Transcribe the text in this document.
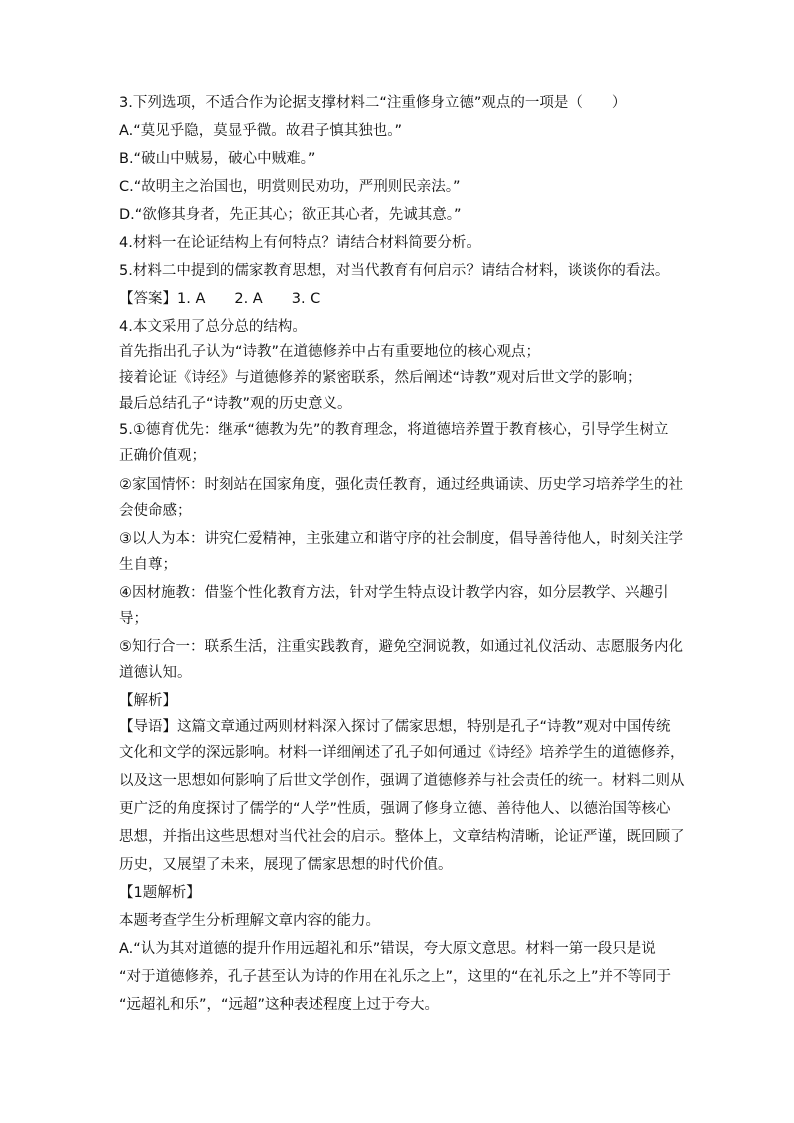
3.下列选项，不适合作为论据支撑材料二“注重修身立德”观点的一项是（　　）
A.“莫见乎隐，莫显乎微。故君子慎其独也。”
B.“破山中贼易，破心中贼难。”
C.“故明主之治国也，明赏则民劝功，严刑则民亲法。”
D.“欲修其身者，先正其心；欲正其心者，先诚其意。”
4.材料一在论证结构上有何特点？请结合材料简要分析。
5.材料二中提到的儒家教育思想，对当代教育有何启示？请结合材料，谈谈你的看法。
【答案】1. A　　2. A　　3. C
4.本文采用了总分总的结构。
首先指出孔子认为“诗教”在道德修养中占有重要地位的核心观点；
接着论证《诗经》与道德修养的紧密联系，然后阐述“诗教”观对后世文学的影响；
最后总结孔子“诗教”观的历史意义。
5.①德育优先：继承“德教为先”的教育理念，将道德培养置于教育核心，引导学生树立
正确价值观；
②家国情怀：时刻站在国家角度，强化责任教育，通过经典诵读、历史学习培养学生的社
会使命感；
③以人为本：讲究仁爱精神，主张建立和谐守序的社会制度，倡导善待他人，时刻关注学
生自尊；
④因材施教：借鉴个性化教育方法，针对学生特点设计教学内容，如分层教学、兴趣引
导；
⑤知行合一：联系生活，注重实践教育，避免空洞说教，如通过礼仪活动、志愿服务内化
道德认知。
【解析】
【导语】这篇文章通过两则材料深入探讨了儒家思想，特别是孔子“诗教”观对中国传统
文化和文学的深远影响。材料一详细阐述了孔子如何通过《诗经》培养学生的道德修养，
以及这一思想如何影响了后世文学创作，强调了道德修养与社会责任的统一。材料二则从
更广泛的角度探讨了儒学的“人学”性质，强调了修身立德、善待他人、以德治国等核心
思想，并指出这些思想对当代社会的启示。整体上，文章结构清晰，论证严谨，既回顾了
历史，又展望了未来，展现了儒家思想的时代价值。
【1题解析】
本题考查学生分析理解文章内容的能力。
A.“认为其对道德的提升作用远超礼和乐”错误，夸大原文意思。材料一第一段只是说
“对于道德修养，孔子甚至认为诗的作用在礼乐之上”，这里的“在礼乐之上”并不等同于
“远超礼和乐”，“远超”这种表述程度上过于夸大。
